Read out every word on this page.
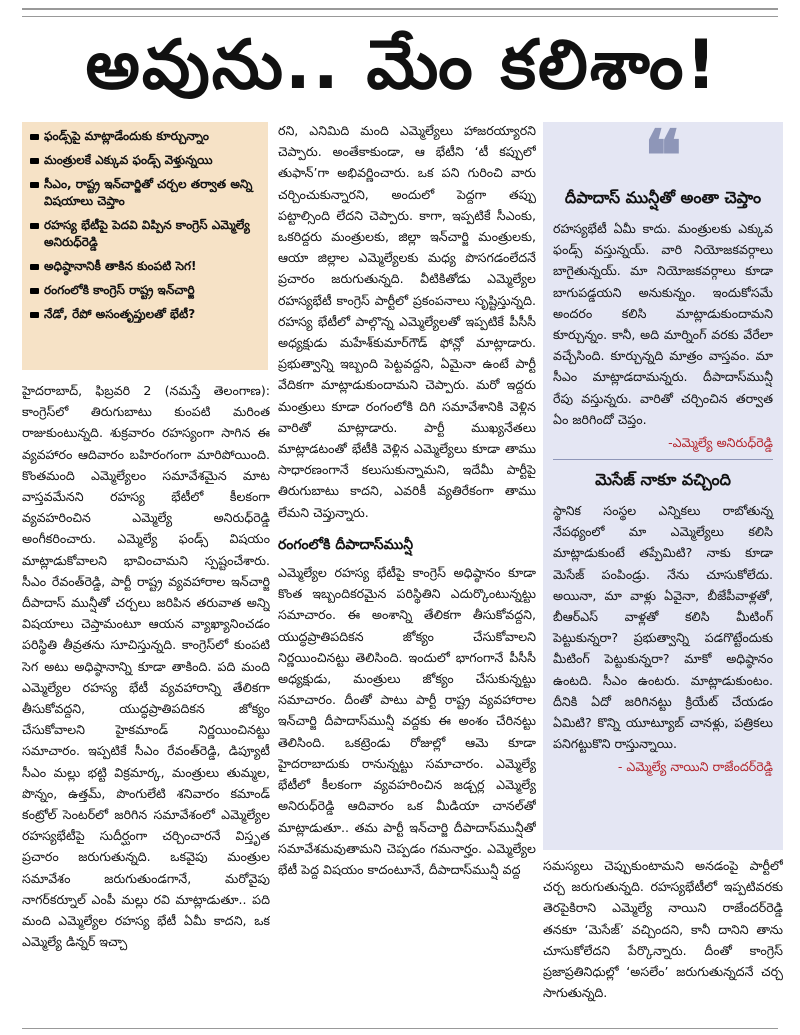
అవును.. మేం కలిశాం!
ఫండ్స్‌పై మాట్లాడేందుకు కూర్చున్నాం
మంత్రులకే ఎక్కువ ఫండ్స్ వెళ్తున్నయి
సీఎం, రాష్ట్ర ఇన్‌చార్జితో చర్చల తర్వాత అన్ని విషయాలు చెప్తాం
రహస్య భేటీపై పెదవి విప్పిన కాంగ్రెస్ ఎమ్మెల్యే అనిరుధ్‌రెడ్డి
అధిష్ఠానానికీ తాకిన కుంపటి సెగ!
రంగంలోకి కాంగ్రెస్ రాష్ట్ర ఇన్‌చార్జి
నేడో, రేపో అసంతృప్తులతో భేటీ?

హైదరాబాద్, ఫిబ్రవరి 2 (నమస్తే తెలంగాణ): కాంగ్రెస్‌లో తిరుగుబాటు కుంపటి మరింత రాజుకుంటున్నది. శుక్రవారం రహస్యంగా సాగిన ఈ వ్యవహారం ఆదివారం బహిరంగంగా మారిపోయింది. కొంతమంది ఎమ్మెల్యేలం సమావేశమైన మాట వాస్తవమేనని రహస్య భేటీలో కీలకంగా వ్యవహరించిన ఎమ్మెల్యే అనిరుధ్‌రెడ్డి అంగీకరించారు. ఎమ్మెల్యే ఫండ్స్ విషయం మాట్లాడుకోవాలని భావించామని స్పష్టంచేశారు. సీఎం రేవంత్‌రెడ్డి, పార్టీ రాష్ట్ర వ్యవహారాల ఇన్‌చార్జి దీపాదాస్ మున్షీతో చర్చలు జరిపిన తరువాత అన్ని విషయాలు చెప్తామంటూ ఆయన వ్యాఖ్యానించడం పరిస్థితి తీవ్రతను సూచిస్తున్నది. కాంగ్రెస్‌లో కుంపటి సెగ అటు అధిష్ఠానాన్ని కూడా తాకింది. పది మంది ఎమ్మెల్యేల రహస్య భేటీ వ్యవహారాన్ని తేలికగా తీసుకోవద్దని, యుద్ధప్రాతిపదికన జోక్యం చేసుకోవాలని హైకమాండ్ నిర్ణయించినట్టు సమాచారం. ఇప్పటికే సీఎం రేవంత్‌రెడ్డి, డిప్యూటీ సీఎం మల్లు భట్టి విక్రమార్క, మంత్రులు తుమ్మల, పొన్నం, ఉత్తమ్, పొంగులేటి శనివారం కమాండ్ కంట్రోల్ సెంటర్‌లో జరిగిన సమావేశంలో ఎమ్మెల్యేల రహస్యభేటీపై సుదీర్ఘంగా చర్చించారనే విస్తృత ప్రచారం జరుగుతున్నది. ఒకవైపు మంత్రుల సమావేశం జరుగుతుండగానే, మరోవైపు నాగర్‌కర్నూల్ ఎంపీ మల్లు రవి మాట్లాడుతూ.. పది మంది ఎమ్మెల్యేల రహస్య భేటీ ఏమీ కాదని, ఒక ఎమ్మెల్యే డిన్నర్ ఇచ్చా

రని, ఎనిమిది మంది ఎమ్మెల్యేలు హాజరయ్యారని చెప్పారు. అంతేకాకుండా, ఆ భేటీని ‘టీ కప్పులో తుఫాన్’గా అభివర్ణించారు. ఒక పని గురించి వారు చర్చించుకున్నారని, అందులో పెద్దగా తప్పు పట్టాల్సింది లేదని చెప్పారు. కాగా, ఇప్పటికే సీఎంకు, ఒకరిద్దరు మంత్రులకు, జిల్లా ఇన్‌చార్జి మంత్రులకు, ఆయా జిల్లాల ఎమ్మెల్యేలకు మధ్య పొసగడంలేదనే ప్రచారం జరుగుతున్నది. వీటికితోడు ఎమ్మెల్యేల రహస్యభేటీ కాంగ్రెస్ పార్టీలో ప్రకంపనాలు సృష్టిస్తున్నది. రహస్య భేటీలో పాల్గొన్న ఎమ్మెల్యేలతో ఇప్పటికే పీసీసీ అధ్యక్షుడు మహేశ్‌కుమార్‌గౌడ్ ఫోన్లో మాట్లాడారు. ప్రభుత్వాన్ని ఇబ్బంది పెట్టవద్దని, ఏమైనా ఉంటే పార్టీ వేదికగా మాట్లాడుకుందామని చెప్పారు. మరో ఇద్దరు మంత్రులు కూడా రంగంలోకి దిగి సమావేశానికి వెళ్లిన వారితో మాట్లాడారు. పార్టీ ముఖ్యనేతలు మాట్లాడటంతో భేటీకి వెళ్లిన ఎమ్మెల్యేలు కూడా తాము సాధారణంగానే కలుసుకున్నామని, ఇదేమీ పార్టీపై తిరుగుబాటు కాదని, ఎవరికీ వ్యతిరేకంగా తాము లేమని చెప్తున్నారు.

రంగంలోకి దీపాదాస్‌మున్షీ

ఎమ్మెల్యేల రహస్య భేటీపై కాంగ్రెస్ అధిష్ఠానం కూడా కొంత ఇబ్బందికరమైన పరిస్థితిని ఎదుర్కొంటున్నట్టు సమాచారం. ఈ అంశాన్ని తేలికగా తీసుకోవద్దని, యుద్ధప్రాతిపదికన జోక్యం చేసుకోవాలని నిర్ణయించినట్టు తెలిసింది. ఇందులో భాగంగానే పీసీసీ అధ్యక్షుడు, మంత్రులు జోక్యం చేసుకున్నట్టు సమాచారం. దీంతో పాటు పార్టీ రాష్ట్ర వ్యవహారాల ఇన్‌చార్జి దీపాదాస్‌మున్షీ వద్దకు ఈ అంశం చేరినట్టు తెలిసింది. ఒకట్రెండు రోజుల్లో ఆమె కూడా హైదరాబాదుకు రానున్నట్టు సమాచారం. ఎమ్మెల్యే భేటీలో కీలకంగా వ్యవహరించిన జడ్చర్ల ఎమ్మెల్యే అనిరుధ్‌రెడ్డి ఆదివారం ఒక మీడియా చానల్‌తో మాట్లాడుతూ.. తమ పార్టీ ఇన్‌చార్జి దీపాదాస్‌మున్షీతో సమావేశమవుతామని చెప్పడం గమనార్హం. ఎమ్మెల్యేల భేటీ పెద్ద విషయం కాదంటూనే, దీపాదాస్‌మున్షీ వద్ద

❝
దీపాదాస్ మున్షీతో అంతా చెప్తాం
రహస్యభేటీ ఏమీ కాదు. మంత్రులకు ఎక్కువ ఫండ్స్ వస్తున్నయ్. వారి నియోజకవర్గాలు బాగైతున్నయ్. మా నియోజకవర్గాలు కూడా బాగుపడ్డయని అనుకున్నం. ఇందుకోసమే అందరం కలిసి మాట్లాడుకుందామని కూర్చున్నం. కానీ, అది మార్నింగ్ వరకు వేరేలా వచ్చేసింది. కూర్చున్నది మాత్రం వాస్తవం. మా సీఎం మాట్లాడదామన్నరు. దీపాదాస్‌మున్షీ రేపు వస్తున్నరు. వారితో చర్చించిన తర్వాత ఏం జరిగిందో చెప్తం.
-ఎమ్మెల్యే అనిరుధ్‌రెడ్డి
మెసేజ్ నాకూ వచ్చింది
స్థానిక సంస్థల ఎన్నికలు రాబోతున్న నేపథ్యంలో మా ఎమ్మెల్యేలు కలిసి మాట్లాడుకుంటే తప్పేమిటి? నాకు కూడా మెసేజ్ పంపిండ్రు. నేను చూసుకోలేదు. అయినా, మా వాళ్లు ఏవైనా, బీజేపీవాళ్లతో, బీఆర్‌ఎస్ వాళ్లతో కలిసి మీటింగ్ పెట్టుకున్నరా? ప్రభుత్వాన్ని పడగొట్టేందుకు మీటింగ్ పెట్టుకున్నరా? మాకో అధిష్ఠానం ఉంటది. సీఎం ఉంటరు. మాట్లాడుకుంటం. దీనికి ఏదో జరిగినట్టు క్రియేట్ చేయడం ఏమిటి? కొన్ని యూట్యూబ్ చానళ్లు, పత్రికలు పనిగట్టుకొని రాస్తున్నాయి.
- ఎమ్మెల్యే నాయిని రాజేందర్‌రెడ్డి

సమస్యలు చెప్పుకుంటామని అనడంపై పార్టీలో చర్చ జరుగుతున్నది. రహస్యభేటీలో ఇప్పటివరకు తెరపైకిరాని ఎమ్మెల్యే నాయిని రాజేందర్‌రెడ్డి తనకూ ‘మెసేజ్’ వచ్చిందని, కానీ దానిని తాను చూసుకోలేదని పేర్కొన్నారు. దీంతో కాంగ్రెస్ ప్రజాప్రతినిధుల్లో ‘అసలేం’ జరుగుతున్నదనే చర్చ సాగుతున్నది.
